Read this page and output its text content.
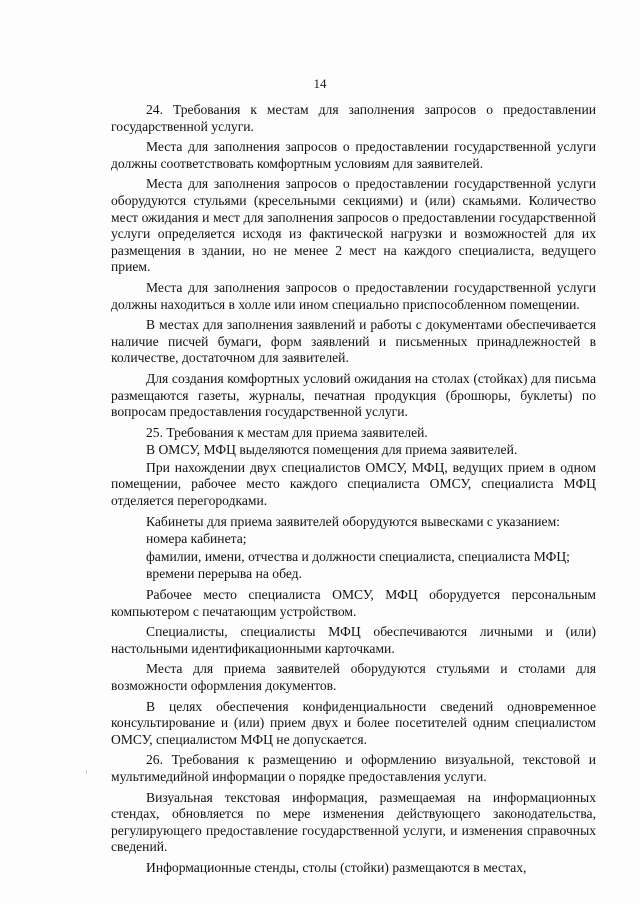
14

24. Требования к местам для заполнения запросов о предоставлении государственной услуги.

Места для заполнения запросов о предоставлении государственной услуги должны соответствовать комфортным условиям для заявителей.

Места для заполнения запросов о предоставлении государственной услуги оборудуются стульями (кресельными секциями) и (или) скамьями. Количество мест ожидания и мест для заполнения запросов о предоставлении государственной услуги определяется исходя из фактической нагрузки и возможностей для их размещения в здании, но не менее 2 мест на каждого специалиста, ведущего прием.

Места для заполнения запросов о предоставлении государственной услуги должны находиться в холле или ином специально приспособленном помещении.

В местах для заполнения заявлений и работы с документами обеспечивается наличие писчей бумаги, форм заявлений и письменных принадлежностей в количестве, достаточном для заявителей.

Для создания комфортных условий ожидания на столах (стойках) для письма размещаются газеты, журналы, печатная продукция (брошюры, буклеты) по вопросам предоставления государственной услуги.

25. Требования к местам для приема заявителей.

В ОМСУ, МФЦ выделяются помещения для приема заявителей.

При нахождении двух специалистов ОМСУ, МФЦ, ведущих прием в одном помещении, рабочее место каждого специалиста ОМСУ, специалиста МФЦ отделяется перегородками.

Кабинеты для приема заявителей оборудуются вывесками с указанием:

номера кабинета;

фамилии, имени, отчества и должности специалиста, специалиста МФЦ;

времени перерыва на обед.

Рабочее место специалиста ОМСУ, МФЦ оборудуется персональным компьютером с печатающим устройством.

Специалисты, специалисты МФЦ обеспечиваются личными и (или) настольными идентификационными карточками.

Места для приема заявителей оборудуются стульями и столами для возможности оформления документов.

В целях обеспечения конфиденциальности сведений одновременное консультирование и (или) прием двух и более посетителей одним специалистом ОМСУ, специалистом МФЦ не допускается.

26. Требования к размещению и оформлению визуальной, текстовой и мультимедийной информации о порядке предоставления услуги.

Визуальная текстовая информация, размещаемая на информационных стендах, обновляется по мере изменения действующего законодательства, регулирующего предоставление государственной услуги, и изменения справочных сведений.

Информационные стенды, столы (стойки) размещаются в местах,
